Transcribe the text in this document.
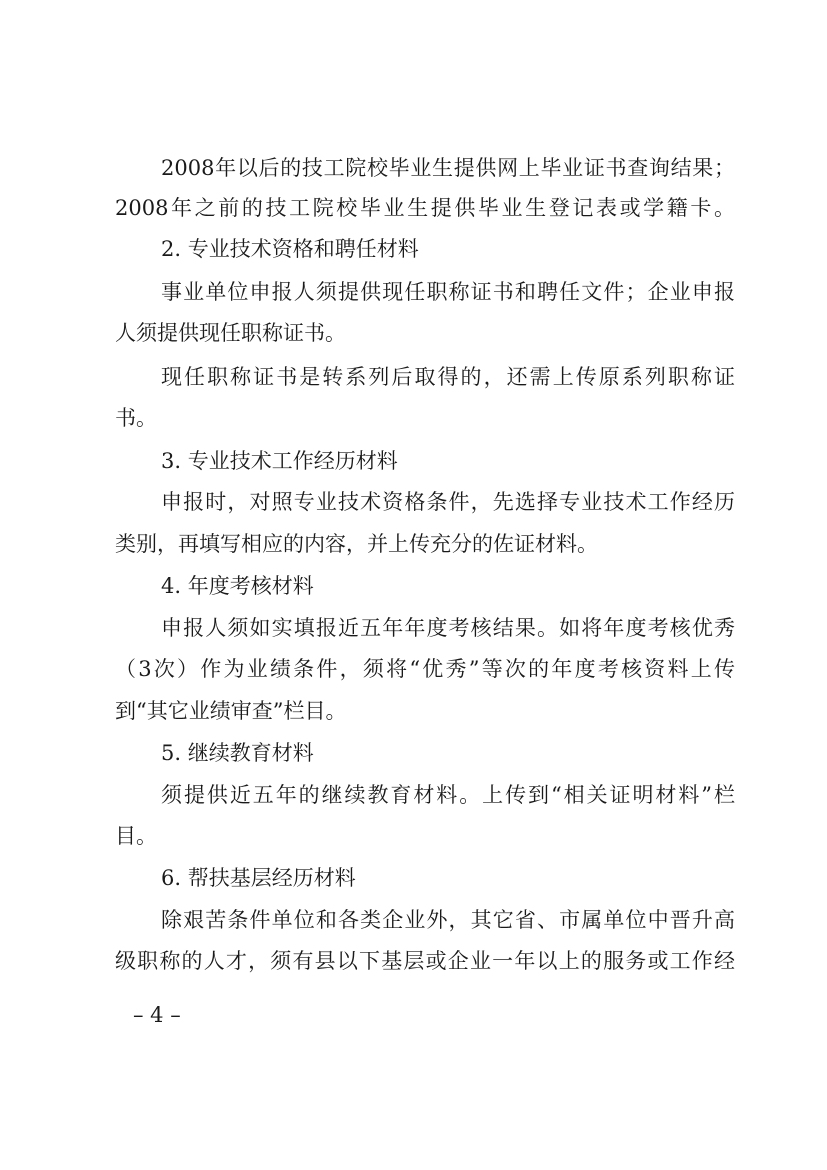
2008年以后的技工院校毕业生提供网上毕业证书查询结果；
2008年之前的技工院校毕业生提供毕业生登记表或学籍卡。
2. 专业技术资格和聘任材料
事业单位申报人须提供现任职称证书和聘任文件；企业申报
人须提供现任职称证书。
现任职称证书是转系列后取得的，还需上传原系列职称证
书。
3. 专业技术工作经历材料
申报时，对照专业技术资格条件，先选择专业技术工作经历
类别，再填写相应的内容，并上传充分的佐证材料。
4. 年度考核材料
申报人须如实填报近五年年度考核结果。如将年度考核优秀
（3次）作为业绩条件，须将“优秀”等次的年度考核资料上传
到“其它业绩审查”栏目。
5. 继续教育材料
须提供近五年的继续教育材料。上传到“相关证明材料”栏
目。
6. 帮扶基层经历材料
除艰苦条件单位和各类企业外，其它省、市属单位中晋升高
级职称的人才，须有县以下基层或企业一年以上的服务或工作经
– 4 –
